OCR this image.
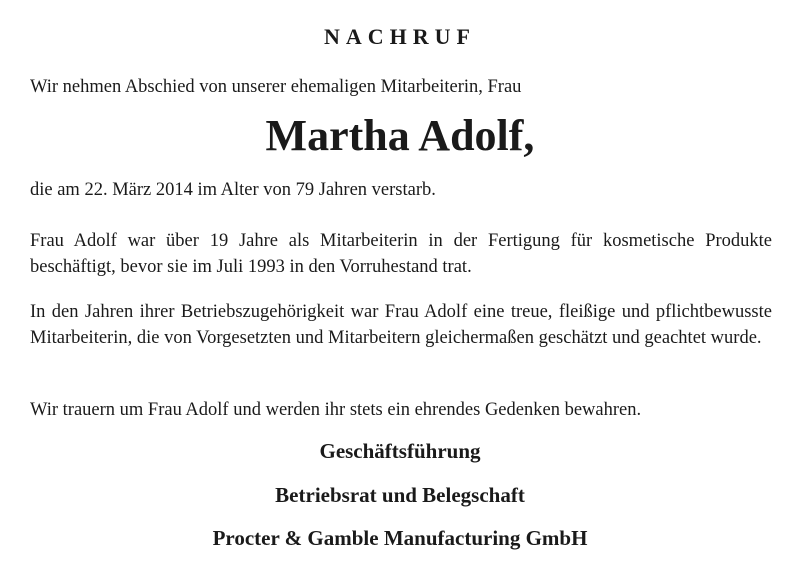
NACHRUF
Wir nehmen Abschied von unserer ehemaligen Mitarbeiterin, Frau
Martha Adolf,
die am 22. März 2014 im Alter von 79 Jahren verstarb.
Frau Adolf war über 19 Jahre als Mitarbeiterin in der Fertigung für kosmetische Produkte beschäftigt, bevor sie im Juli 1993 in den Vorruhestand trat.
In den Jahren ihrer Betriebszugehörigkeit war Frau Adolf eine treue, fleißige und pflichtbewusste Mitarbeiterin, die von Vorgesetzten und Mitarbeitern gleichermaßen geschätzt und geachtet wurde.
Wir trauern um Frau Adolf und werden ihr stets ein ehrendes Gedenken bewahren.
Geschäftsführung
Betriebsrat und Belegschaft
Procter & Gamble Manufacturing GmbH
